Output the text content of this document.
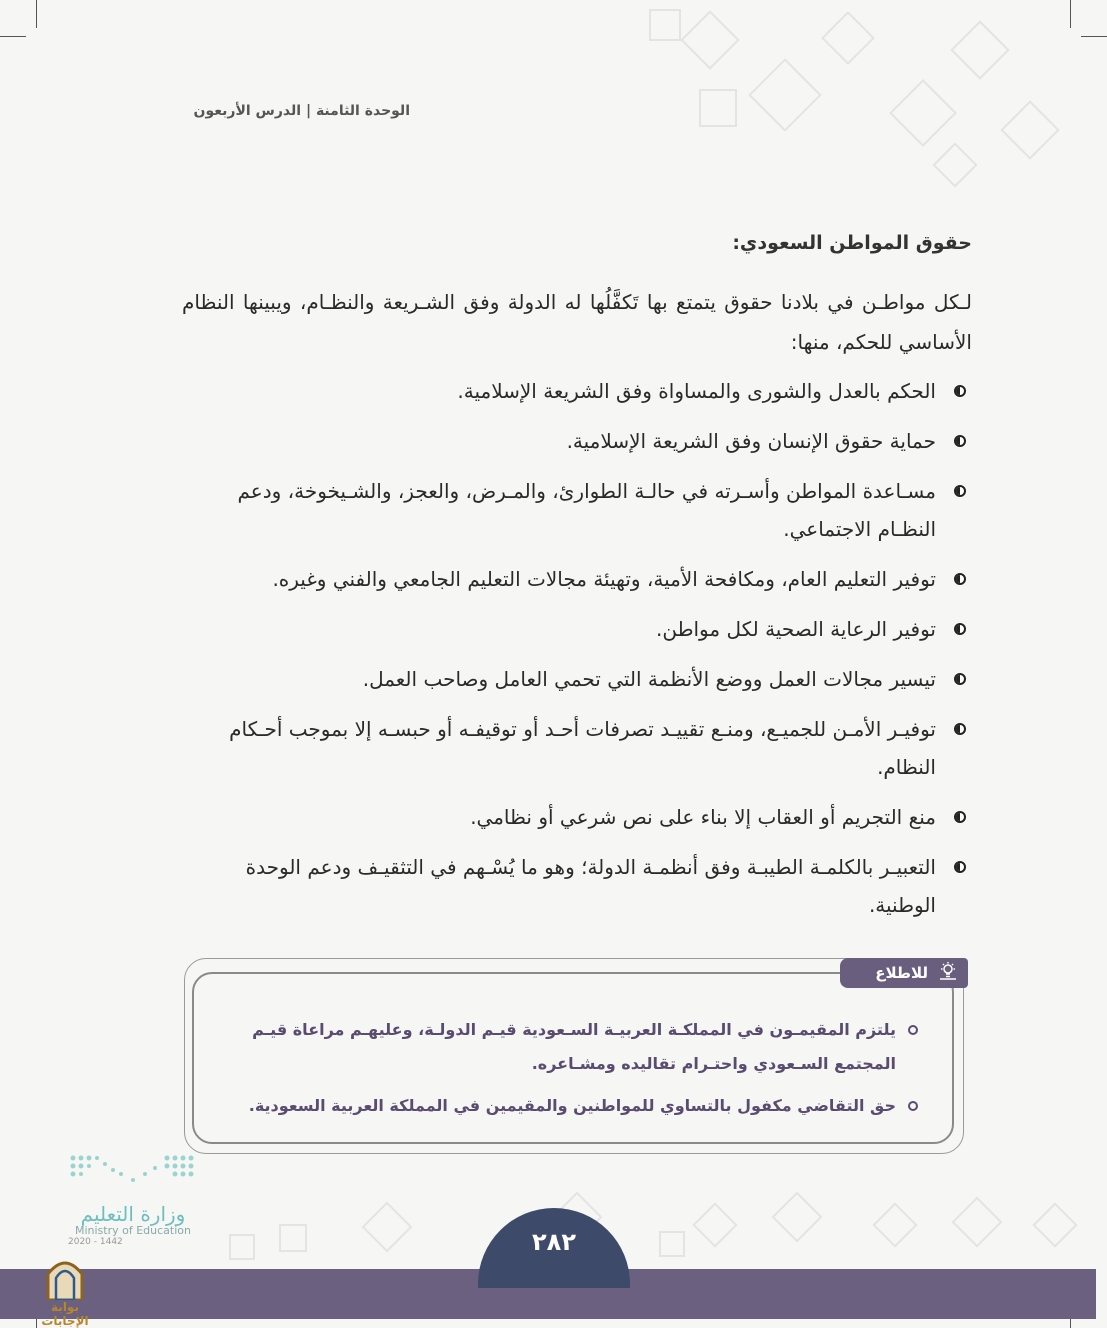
الوحدة الثامنة | الدرس الأربعون
حقوق المواطن السعودي:

لـكل مواطـن في بلادنا حقوق يتمتع بها تَكفَّلُها له الدولة وفق الشـريعة والنظـام، ويبينها النظام الأساسي للحكم، منها:

الحكم بالعدل والشورى والمساواة وفق الشريعة الإسلامية.
حماية حقوق الإنسان وفق الشريعة الإسلامية.
مسـاعدة المواطن وأسـرته في حالـة الطوارئ، والمـرض، والعجز، والشـيخوخة، ودعم النظـام الاجتماعي.
توفير التعليم العام، ومكافحة الأمية، وتهيئة مجالات التعليم الجامعي والفني وغيره.
توفير الرعاية الصحية لكل مواطن.
تيسير مجالات العمل ووضع الأنظمة التي تحمي العامل وصاحب العمل.
توفيـر الأمـن للجميـع، ومنـع تقييـد تصرفات أحـد أو توقيفـه أو حبسـه إلا بموجب أحـكام النظام.
منع التجريم أو العقاب إلا بناء على نص شرعي أو نظامي.
التعبيـر بالكلمـة الطيبـة وفق أنظمـة الدولة؛ وهو ما يُسْـهم في التثقيـف ودعم الوحدة الوطنية.
للاطلاع
يلتزم المقيمـون في المملكـة العربيـة السـعودية قيـم الدولـة، وعليهـم مراعاة قيـم المجتمع السـعودي واحتـرام تقاليده ومشـاعره.
حق التقاضي مكفول بالتساوي للمواطنين والمقيمين في المملكة العربية السعودية.
وزارة التعليم
Ministry of Education
2020 - 1442	٢٨٢
بوابة الإجابات
